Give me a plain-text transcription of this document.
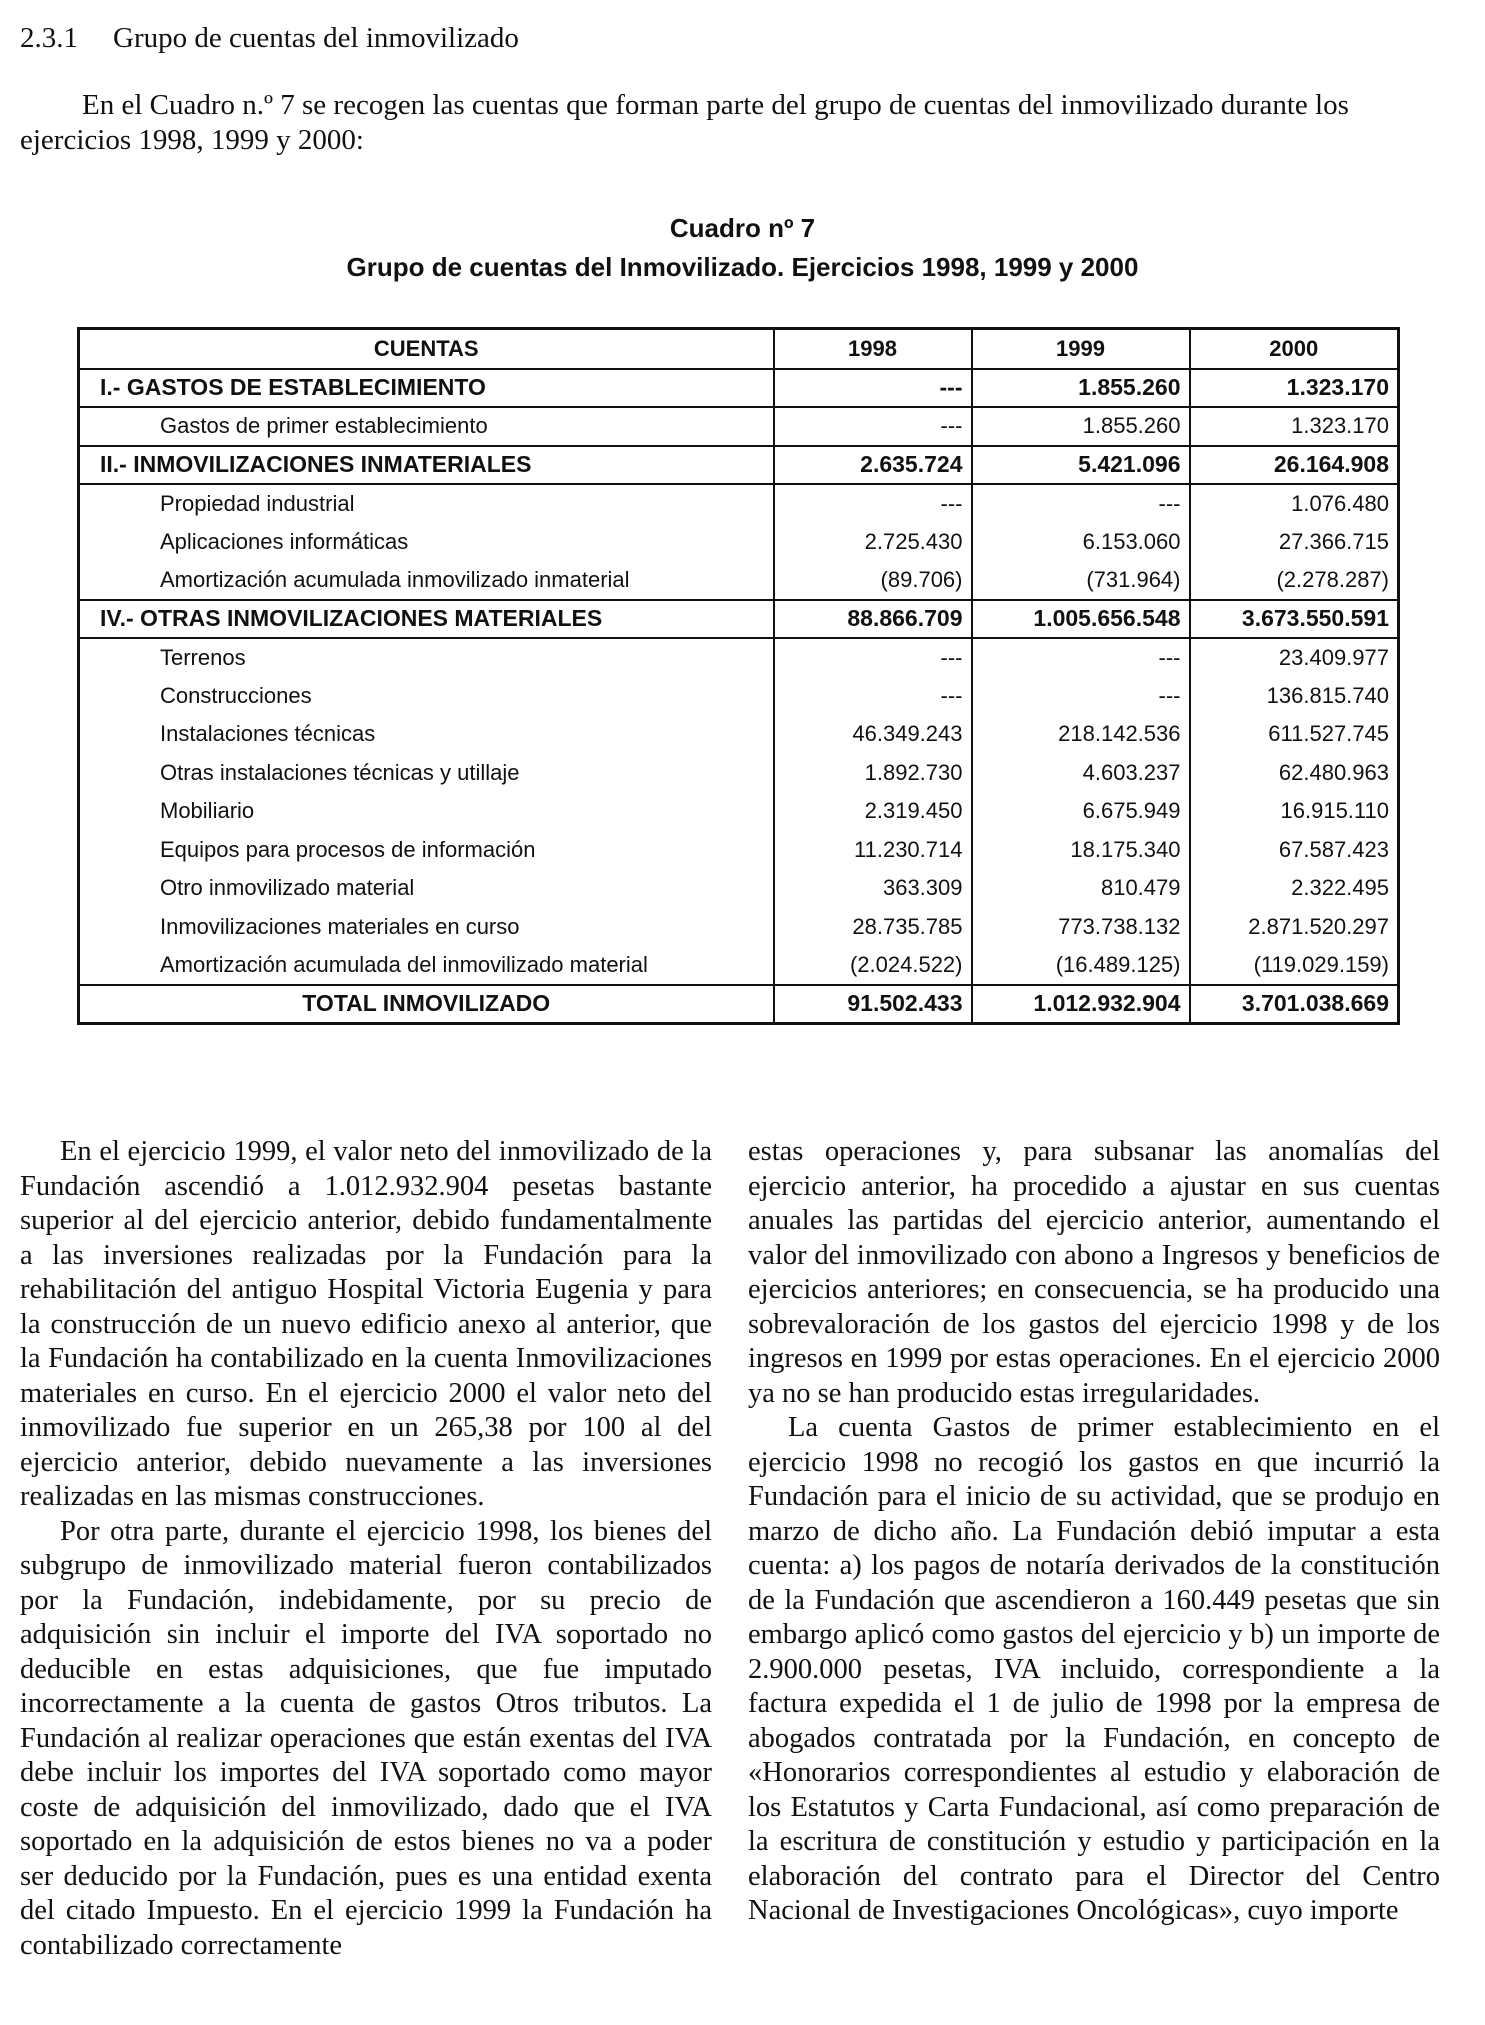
2.3.1 Grupo de cuentas del inmovilizado

En el Cuadro n.º 7 se recogen las cuentas que forman parte del grupo de cuentas del inmovilizado durante los ejercicios 1998, 1999 y 2000:

Cuadro nº 7
Grupo de cuentas del Inmovilizado. Ejercicios 1998, 1999 y 2000
CUENTAS	1998	1999	2000
I.- GASTOS DE ESTABLECIMIENTO	---	1.855.260	1.323.170
Gastos de primer establecimiento	---	1.855.260	1.323.170
II.- INMOVILIZACIONES INMATERIALES	2.635.724	5.421.096	26.164.908
Propiedad industrial	---	---	1.076.480
Aplicaciones informáticas	2.725.430	6.153.060	27.366.715
Amortización acumulada inmovilizado inmaterial	(89.706)	(731.964)	(2.278.287)
IV.- OTRAS INMOVILIZACIONES MATERIALES	88.866.709	1.005.656.548	3.673.550.591
Terrenos	---	---	23.409.977
Construcciones	---	---	136.815.740
Instalaciones técnicas	46.349.243	218.142.536	611.527.745
Otras instalaciones técnicas y utillaje	1.892.730	4.603.237	62.480.963
Mobiliario	2.319.450	6.675.949	16.915.110
Equipos para procesos de información	11.230.714	18.175.340	67.587.423
Otro inmovilizado material	363.309	810.479	2.322.495
Inmovilizaciones materiales en curso	28.735.785	773.738.132	2.871.520.297
Amortización acumulada del inmovilizado material	(2.024.522)	(16.489.125)	(119.029.159)
TOTAL INMOVILIZADO	91.502.433	1.012.932.904	3.701.038.669

En el ejercicio 1999, el valor neto del inmovilizado de la Fundación ascendió a 1.012.932.904 pesetas bastante superior al del ejercicio anterior, debido fundamentalmente a las inversiones realizadas por la Fundación para la rehabilitación del antiguo Hospital Victoria Eugenia y para la construcción de un nuevo edificio anexo al anterior, que la Fundación ha contabilizado en la cuenta Inmovilizaciones materiales en curso. En el ejercicio 2000 el valor neto del inmovilizado fue superior en un 265,38 por 100 al del ejercicio anterior, debido nuevamente a las inversiones realizadas en las mismas construcciones.

Por otra parte, durante el ejercicio 1998, los bienes del subgrupo de inmovilizado material fueron contabilizados por la Fundación, indebidamente, por su precio de adquisición sin incluir el importe del IVA soportado no deducible en estas adquisiciones, que fue imputado incorrectamente a la cuenta de gastos Otros tributos. La Fundación al realizar operaciones que están exentas del IVA debe incluir los importes del IVA soportado como mayor coste de adquisición del inmovilizado, dado que el IVA soportado en la adquisición de estos bienes no va a poder ser deducido por la Fundación, pues es una entidad exenta del citado Impuesto. En el ejercicio 1999 la Fundación ha contabilizado correctamente

estas operaciones y, para subsanar las anomalías del ejercicio anterior, ha procedido a ajustar en sus cuentas anuales las partidas del ejercicio anterior, aumentando el valor del inmovilizado con abono a Ingresos y beneficios de ejercicios anteriores; en consecuencia, se ha producido una sobrevaloración de los gastos del ejercicio 1998 y de los ingresos en 1999 por estas operaciones. En el ejercicio 2000 ya no se han producido estas irregularidades.

La cuenta Gastos de primer establecimiento en el ejercicio 1998 no recogió los gastos en que incurrió la Fundación para el inicio de su actividad, que se produjo en marzo de dicho año. La Fundación debió imputar a esta cuenta: a) los pagos de notaría derivados de la constitución de la Fundación que ascendieron a 160.449 pesetas que sin embargo aplicó como gastos del ejercicio y b) un importe de 2.900.000 pesetas, IVA incluido, correspondiente a la factura expedida el 1 de julio de 1998 por la empresa de abogados contratada por la Fundación, en concepto de «Honorarios correspondientes al estudio y elaboración de los Estatutos y Carta Fundacional, así como preparación de la escritura de constitución y estudio y participación en la elaboración del contrato para el Director del Centro Nacional de Investigaciones Oncológicas», cuyo importe
